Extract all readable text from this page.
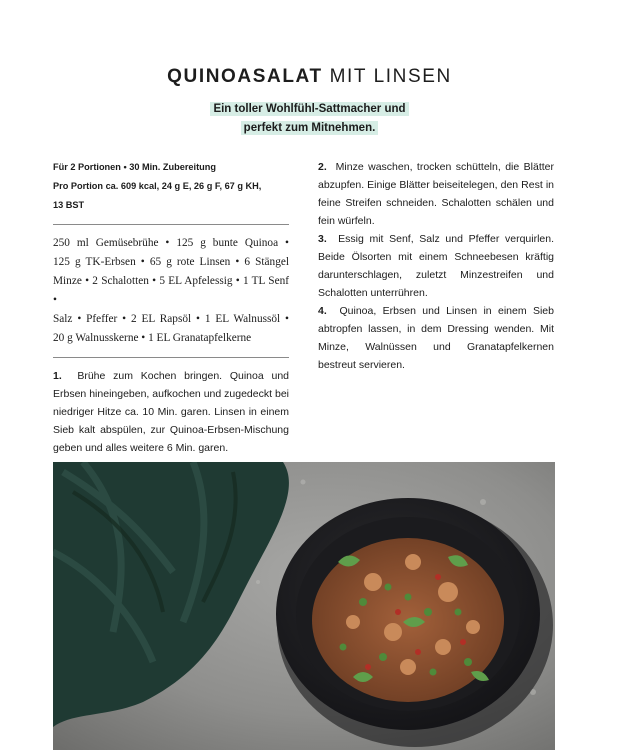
QUINOASALAT MIT LINSEN
Ein toller Wohlfühl-Sattmacher und
perfekt zum Mitnehmen.
Für 2 Portionen • 30 Min. Zubereitung
Pro Portion ca. 609 kcal, 24 g E, 26 g F, 67 g KH,
13 BST
250 ml Gemüsebrühe • 125 g bunte Quinoa •
125 g TK-Erbsen • 65 g rote Linsen • 6 Stängel
Minze • 2 Schalotten • 5 EL Apfelessig • 1 TL Senf •
Salz • Pfeffer • 2 EL Rapsöl • 1 EL Walnussöl •
20 g Walnusskerne • 1 EL Granatapfelkerne
1. Brühe zum Kochen bringen. Quinoa und Erbsen hineingeben, aufkochen und zugedeckt bei niedriger Hitze ca. 10 Min. garen. Linsen in einem Sieb kalt abspülen, zur Quinoa-Erbsen-Mischung geben und alles weitere 6 Min. garen.
2. Minze waschen, trocken schütteln, die Blätter abzupfen. Einige Blätter beiseitelegen, den Rest in feine Streifen schneiden. Schalotten schälen und fein würfeln.
3. Essig mit Senf, Salz und Pfeffer verquirlen. Beide Ölsorten mit einem Schneebesen kräftig darunterschlagen, zuletzt Minzestreifen und Schalotten unterrühren.
4. Quinoa, Erbsen und Linsen in einem Sieb abtropfen lassen, in dem Dressing wenden. Mit Minze, Walnüssen und Granatapfelkernen bestreut servieren.
